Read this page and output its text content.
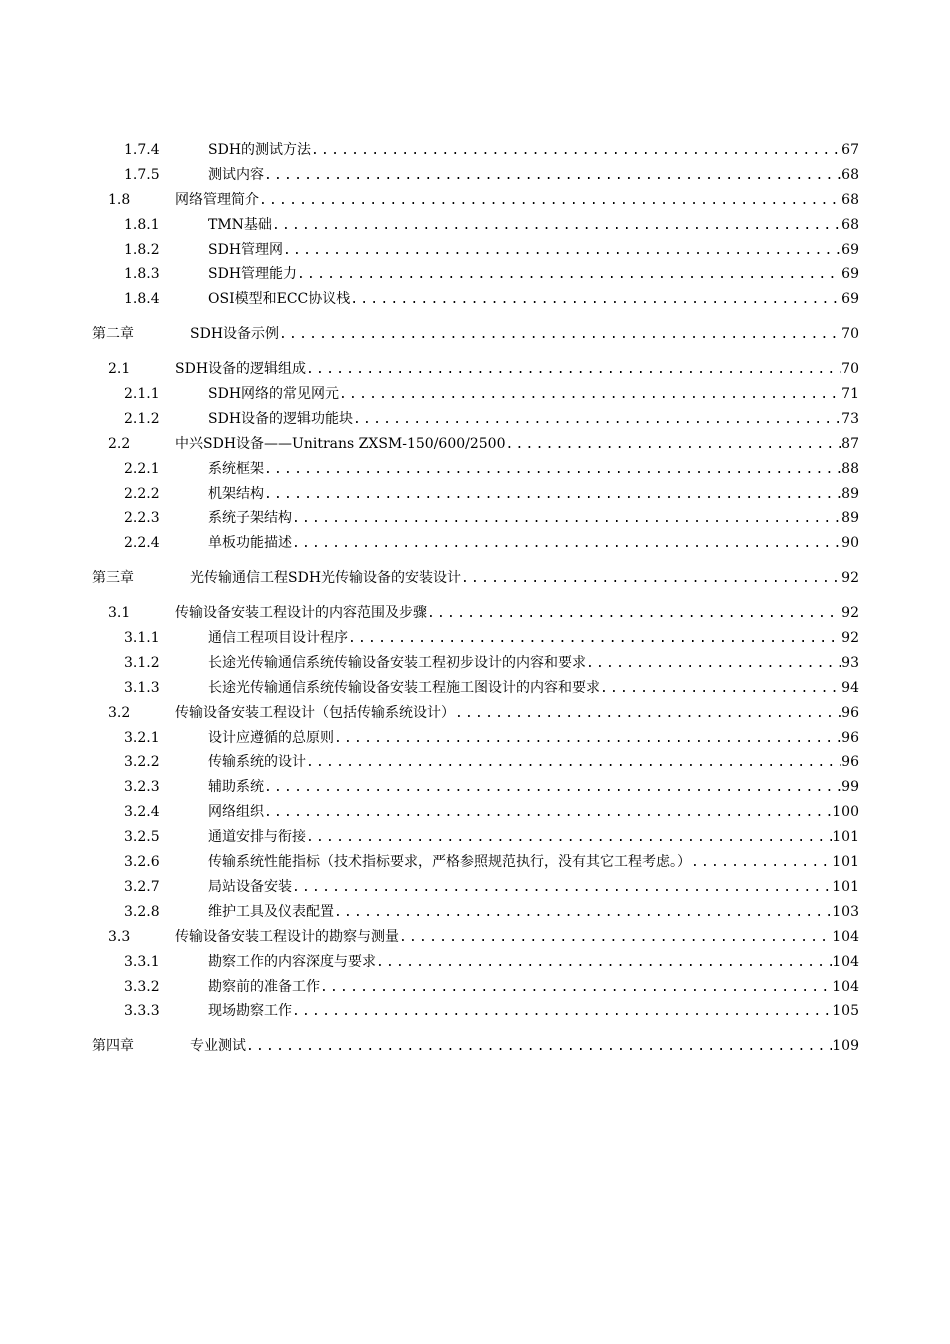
1.7.4	SDH的测试方法 .....	67
1.7.5	测试内容 .....	68
1.8	网络管理简介 .....	68
1.8.1	TMN基础 .....	68
1.8.2	SDH管理网 .....	69
1.8.3	SDH管理能力 .....	69
1.8.4	OSI模型和ECC协议栈 .....	69
第二章	SDH设备示例 .....	70
2.1	SDH设备的逻辑组成 .....	70
2.1.1	SDH网络的常见网元 .....	71
2.1.2	SDH设备的逻辑功能块 .....	73
2.2	中兴SDH设备——Unitrans ZXSM-150/600/2500 .....	87
2.2.1	系统框架 .....	88
2.2.2	机架结构 .....	89
2.2.3	系统子架结构 .....	89
2.2.4	单板功能描述 .....	90
第三章	光传输通信工程SDH光传输设备的安装设计 .....	92
3.1	传输设备安装工程设计的内容范围及步骤 .....	92
3.1.1	通信工程项目设计程序 .....	92
3.1.2	长途光传输通信系统传输设备安装工程初步设计的内容和要求 .....	93
3.1.3	长途光传输通信系统传输设备安装工程施工图设计的内容和要求 .....	94
3.2	传输设备安装工程设计（包括传输系统设计） .....	96
3.2.1	设计应遵循的总原则 .....	96
3.2.2	传输系统的设计 .....	96
3.2.3	辅助系统 .....	99
3.2.4	网络组织 .....	100
3.2.5	通道安排与衔接 .....	101
3.2.6	传输系统性能指标（技术指标要求，严格参照规范执行，没有其它工程考虑。） .....	101
3.2.7	局站设备安装 .....	101
3.2.8	维护工具及仪表配置 .....	103
3.3	传输设备安装工程设计的勘察与测量 .....	104
3.3.1	勘察工作的内容深度与要求 .....	104
3.3.2	勘察前的准备工作 .....	104
3.3.3	现场勘察工作 .....	105
第四章	专业测试 .....	109
